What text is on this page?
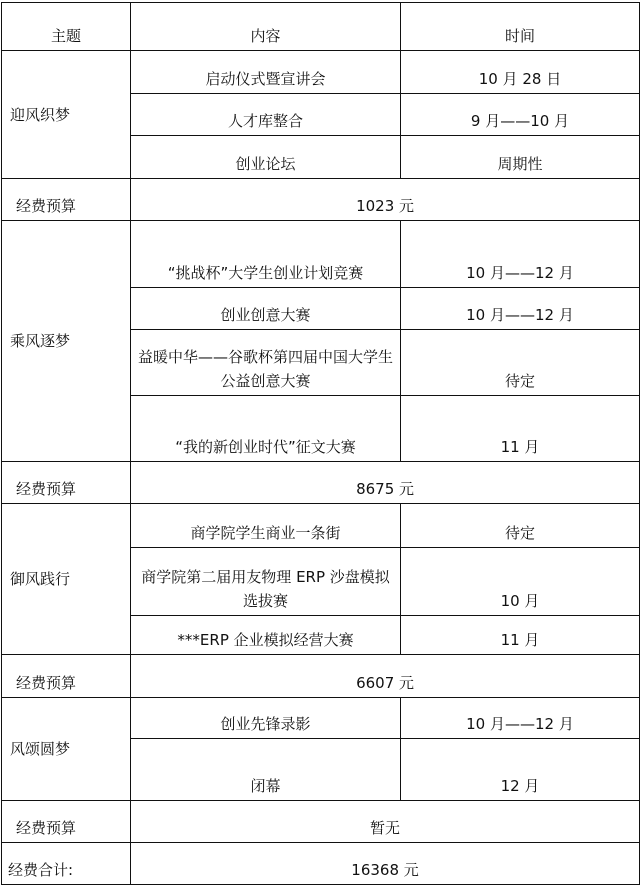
主题	内容	时间
迎风织梦	启动仪式暨宣讲会	10 月 28 日
	人才库整合	9 月——10 月
	创业论坛	周期性
经费预算	1023 元	
乘风逐梦	“挑战杯”大学生创业计划竞赛	10 月——12 月
	创业创意大赛	10 月——12 月
	益暖中华——谷歌杯第四届中国大学生公益创意大赛	待定
	“我的新创业时代”征文大赛	11 月
经费预算	8675 元	
御风践行	商学院学生商业一条街	待定
	商学院第二届用友物理 ERP 沙盘模拟选拔赛	10 月
	***ERP 企业模拟经营大赛	11 月
经费预算	6607 元	
风颂圆梦	创业先锋录影	10 月——12 月
	闭幕	12 月
经费预算	暂无	
经费合计:	16368 元	
